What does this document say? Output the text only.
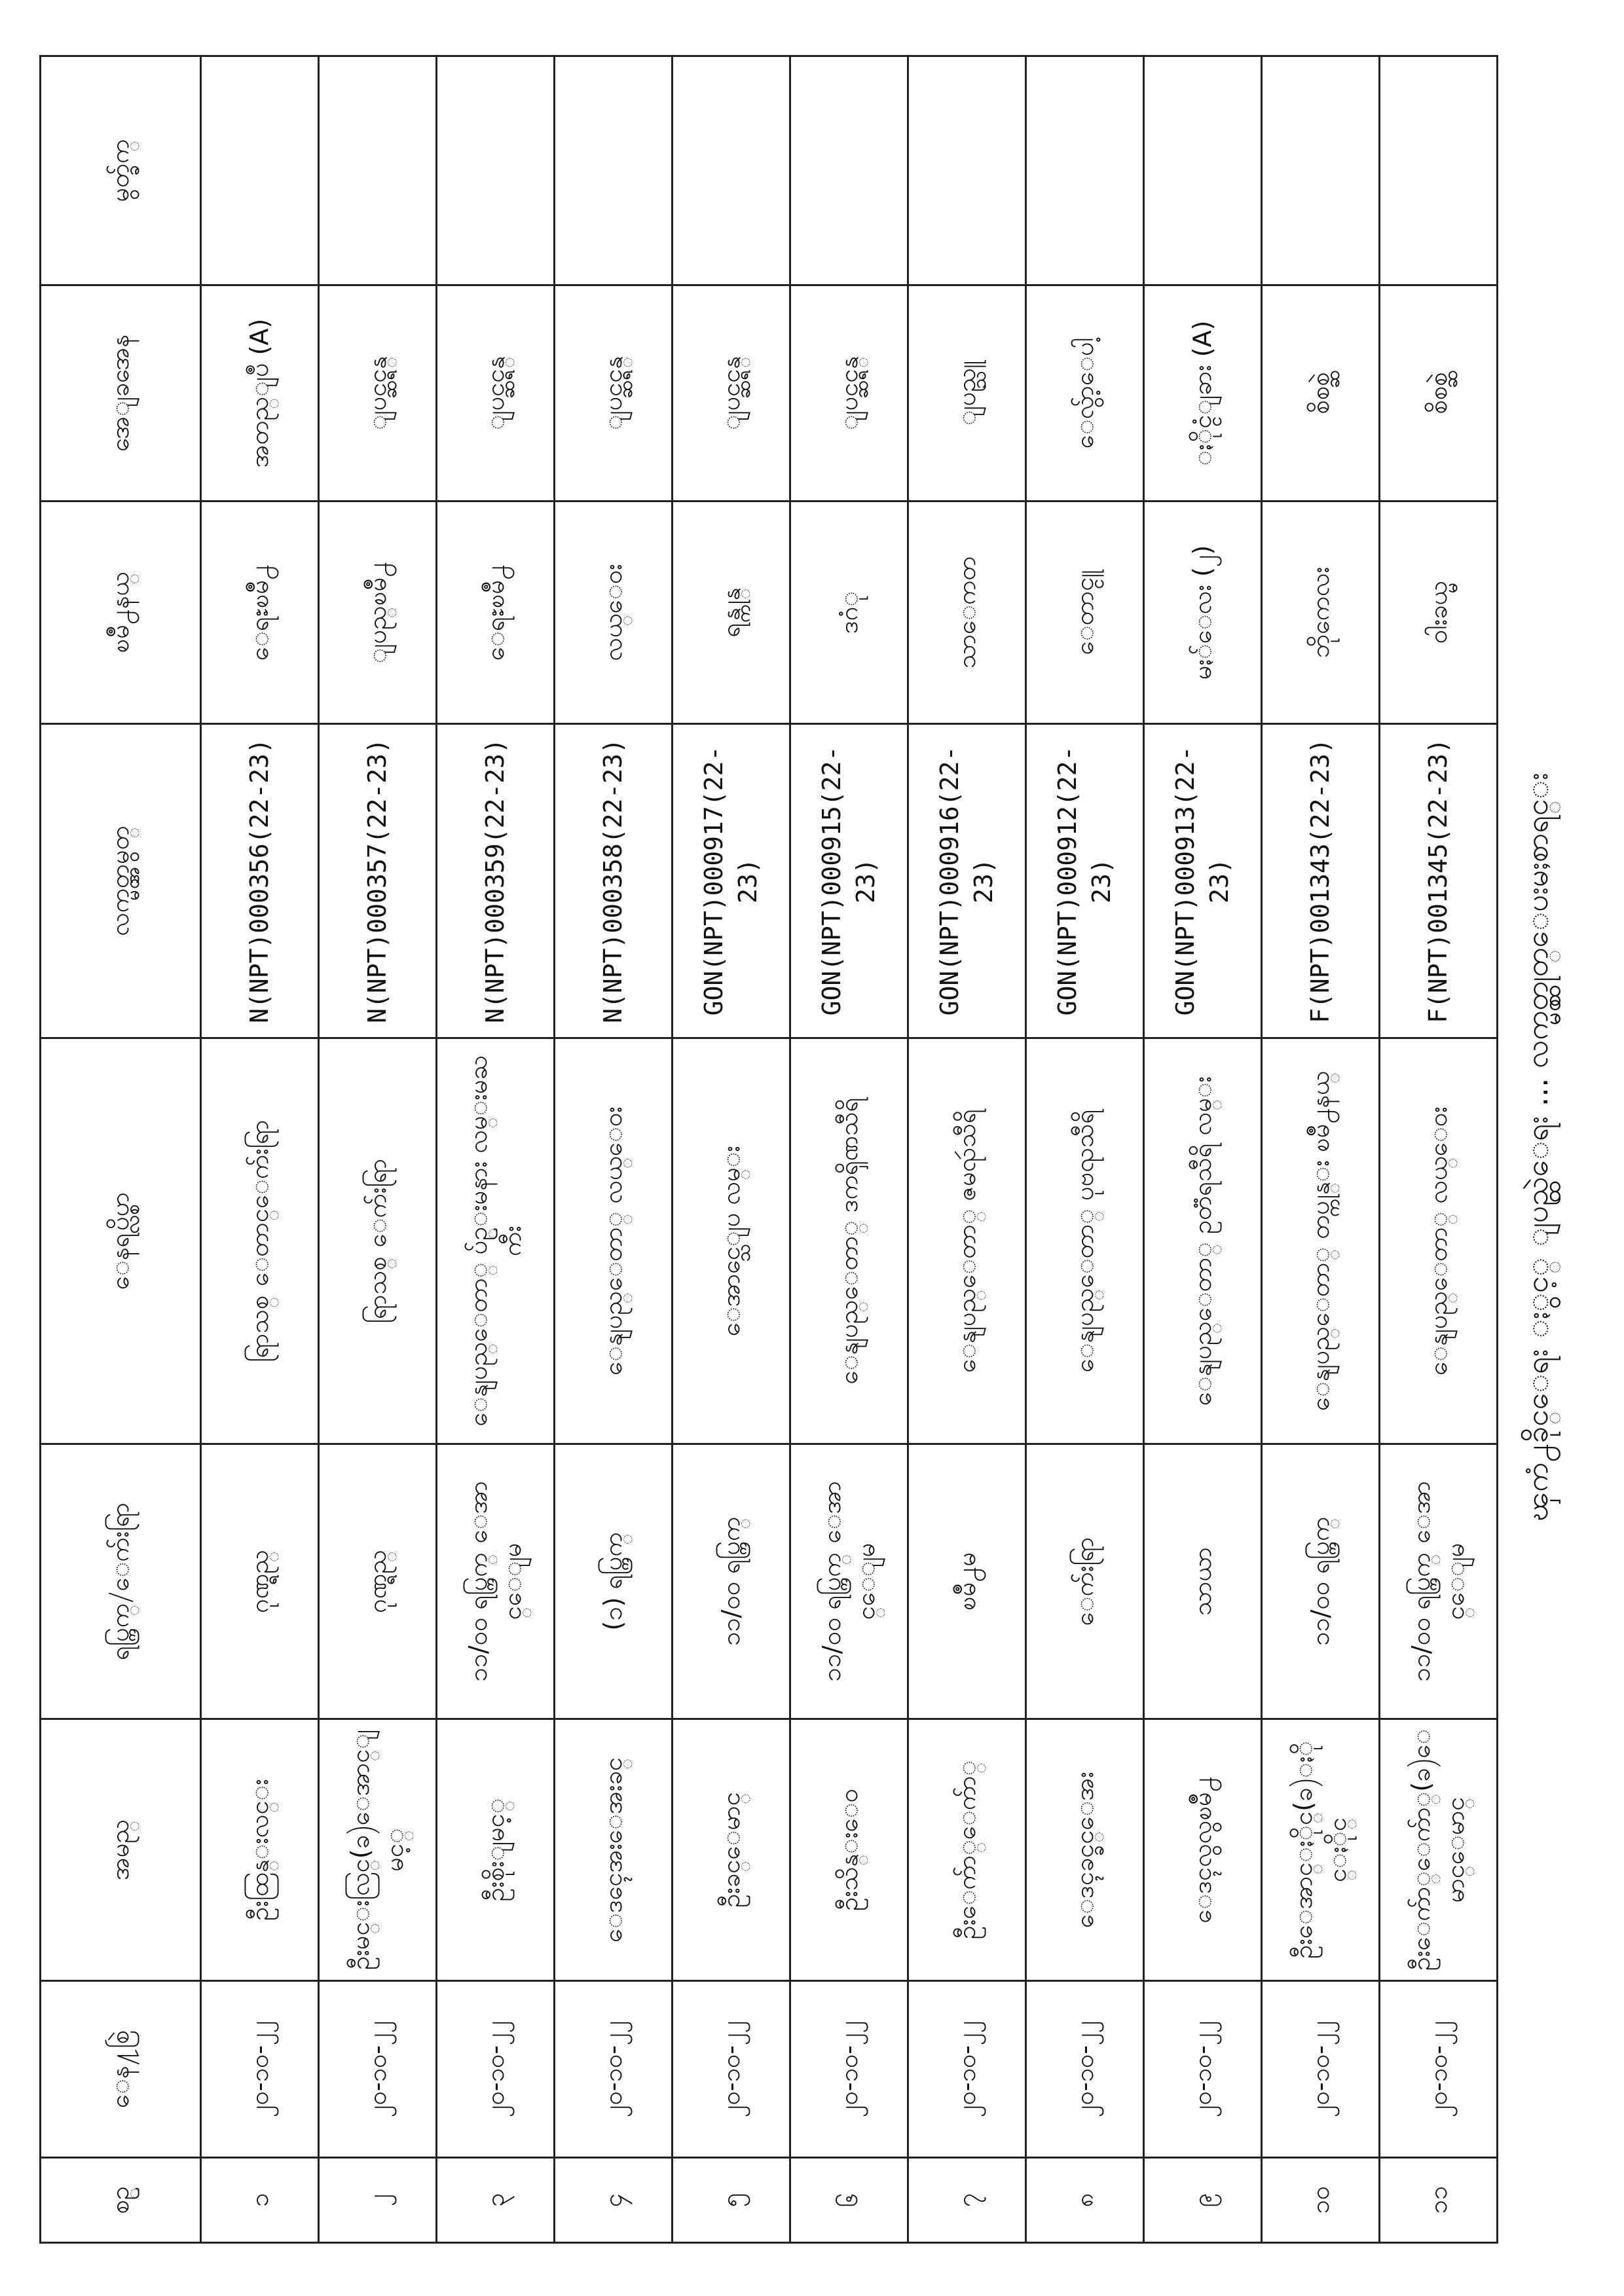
ၾကံ႕ခိုင္ေရး ႏွင့္ ျပည္ထဲေရး ... လက္မွတ္ထုတ္ေပးမႈစာရင္း
စဥ္	ေန႔စြဲ	အမည္	ရပ္ကြက္/ေက်းရြာ	ေနရပ္လိပ္စာ	လက္မွတ္အမွတ္	ၿမိဳ႕နယ္	အေျခအေန	မွတ္ခ်က္
၁	၂၀-၁၀-၂၂	ဦးထြန္းလင္း	ဂုဏ္ရည္	ရြာသစ္ ေတာင္ေက်းရြာ	N(NPT)000356(22-23)	ေရႊၿမိဳ႕	အတည္ျပဳ (A)	
၂	၂၀-၁၀-၂၂	ဦးမင္းလြင္(ခ)ေအာင္ျမင့္	ဂုဏ္ရည္	ရြာသစ္ ေက်းရြာ	N(NPT)000357(22-23)	ျပည္ၿမိဳ႕	ျပင္ဆင္ရန္	
၃	၂၀-၁၀-၂၂	ဦးစိုးျမင့္	၁၁/၀၀ ရပ္ကြက္ ေအာင္ေျမ	ေနျပည္ေတာ္ ပ်ဥ္းမနား လမ္းမႀကီး	N(NPT)000359(22-23)	ေရႊၿမိဳ႕	ျပင္ဆင္ရန္	
၄	၂၀-၁၀-၂၂	ေဒၚေအးေအးခင္	(၁) ရပ္ကြက္	ေနျပည္ေတာ္ လယ္ေဝး	N(NPT)000358(22-23)	လယ္ေဝး	ျပင္ဆင္ရန္	
၅	၂၀-၁၀-၂၂	ဦးခင္ေမာင္	၁၁/၀၀ ရပ္ကြက္	ေအာင္သေျပ လမ္း	GON(NPT)000917(22-23)	ရန္ကုန္	ျပင္ဆင္ရန္	
၆	၂၀-၁၀-၂၂	ဦးသိန္းေဝ	၁၁/၀၀ ရပ္ကြက္ ေအာင္ေျမ	ေနျပည္ေတာ္ ဒကၡိဏသီရိ	GON(NPT)000915(22-23)	ဒဂံု	ျပင္ဆင္ရန္	
၇	၂၀-၁၀-၂၂	ဦးေက်ာ္ေက်ာ္	ၿမိဳ႕မ	ေနျပည္ေတာ္ ဇမၺဴသီရိ	GON(NPT)000916(22-23)	သာေကတ	ျပည္သူ	
၈	၂၀-၁၀-၂၂	ေဒၚခင္ခင္ေအး	ေက်းရြာ	ေနျပည္ေတာ္ ပုဗၺသီရိ	GON(NPT)000912(22-23)	ေတာင္ငူ	ေလွ်ာ့ေပါ့	
၉	၂၀-၁၀-၂၂	ေဒၚလွလွၿမိဳ႕	သာယာ	ေနျပည္ေတာ္ ဥတၱရသီရိ လမ္း	GON(NPT)000913(22-23)	မႏၲေလး (၂)	ႏိုင္ငံျခား (A)	
၁၀	၂၀-၁၀-၂၂	ဦးေအာင္ႏိုင္(ခ)ႏိုင္ႏိုင္	၁၁/၀၀ ရပ္ကြက္	ေနျပည္ေတာ္ တပ္ကုန္း ၿမိဳ႕နယ္	F(NPT)001343(22-23)	ဘိုကေလး	စိစစ္ဆဲ	
၁၁	၂၀-၁၀-၂၂	ဦးေက်ာ္ေက်ာ္(ခ)ေမာင္ေမာင္	၁၁/၀၀ ရပ္ကြက္ ေအာင္ေျမ	ေနျပည္ေတာ္ လယ္ေဝး	F(NPT)001345(22-23)	ဝါးခယ္မ	စိစစ္ဆဲ	
